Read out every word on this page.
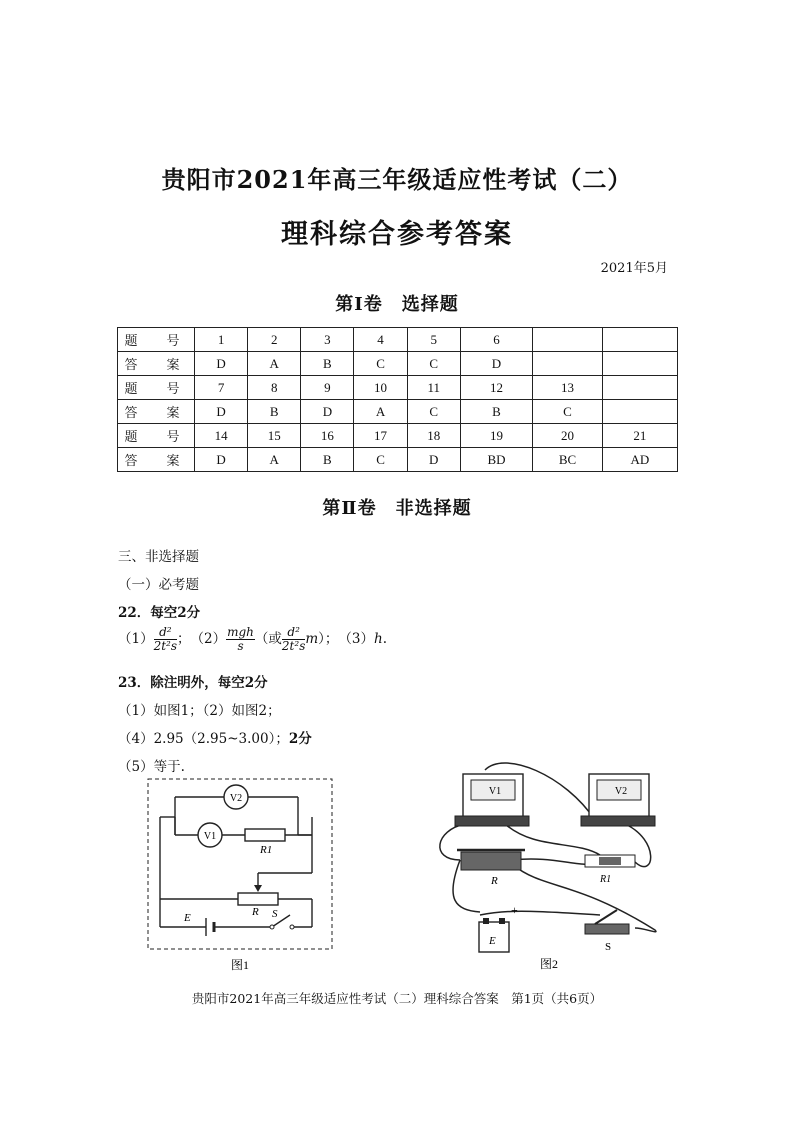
贵阳市2021年高三年级适应性考试（二）
理科综合参考答案
2021年5月
第Ⅰ卷　选择题
题　号	1	2	3	4	5	6		
答　案	D	A	B	C	C	D		
题　号	7	8	9	10	11	12	13	
答　案	D	B	D	A	C	B	C	
题　号	14	15	16	17	18	19	20	21
答　案	D	A	B	C	D	BD	BC	AD
第Ⅱ卷　非选择题
三、非选择题
（一）必考题
22．每空2分
$(1) \frac{\text{d²}}{\text{2t²s}}$ ；　$(2) \frac{\text{mgh}}{s}$ （或 $\frac{\text{d²}}{\text{2t²s}} m$）；　（3）h.
23．除注明外，每空2分
（1）如图1；（2）如图2；
（4）2.95（2.95~3.00）；2分
（5）等于.
V2
V1
R1
R
E	S
图1
V1	V2
R	R1
E
+
S
图2
贵阳市2021年高三年级适应性考试（二）理科综合答案　第1页（共6页）
